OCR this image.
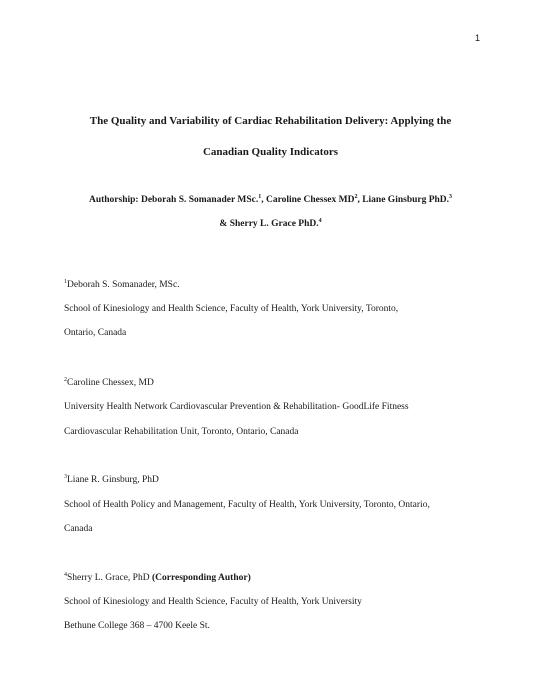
1
The Quality and Variability of Cardiac Rehabilitation Delivery: Applying the
Canadian Quality Indicators
Authorship: Deborah S. Somanader MSc.$^1$, Caroline Chessex $MD^2$, Liane Ginsburg PhD.$^3$
& Sherry L. Grace PhD.$^4$
$^1$Deborah S. Somanader, MSc.
School of Kinesiology and Health Science, Faculty of Health, York University, Toronto,
Ontario, Canada
$^2$Caroline Chessex, MD
University Health Network Cardiovascular Prevention & Rehabilitation- GoodLife Fitness
Cardiovascular Rehabilitation Unit, Toronto, Ontario, Canada
$^3$Liane R. Ginsburg, PhD
School of Health Policy and Management, Faculty of Health, York University, Toronto, Ontario,
Canada
$^4$Sherry L. Grace, PhD (Corresponding Author)
School of Kinesiology and Health Science, Faculty of Health, York University
Bethune College 368 – 4700 Keele St.
